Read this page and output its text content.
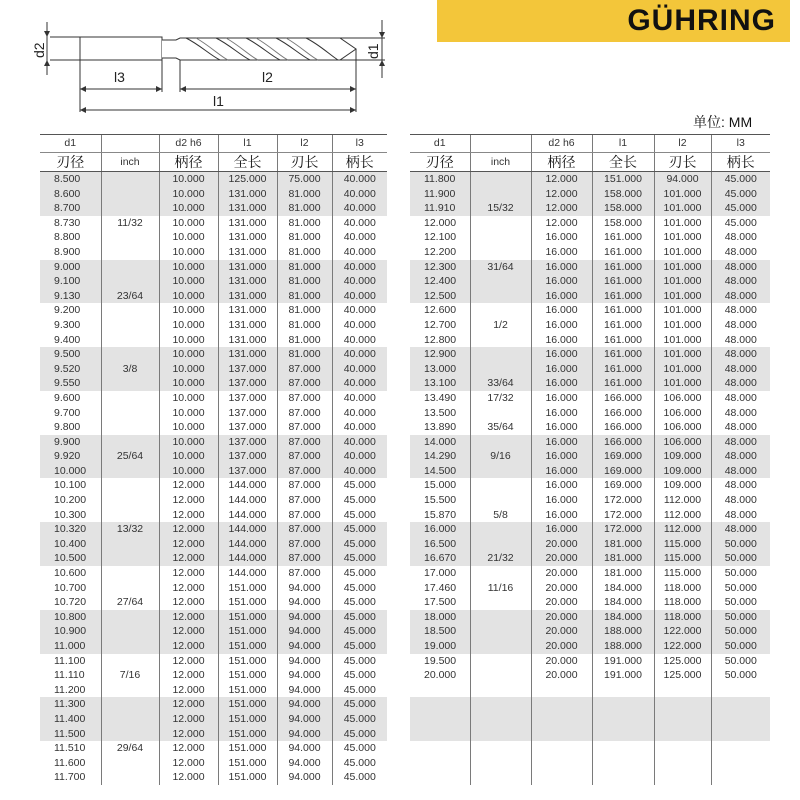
GÜHRING
d2	d1
l3	l2
l1
单位: MM
d1		d2 h6	l1	l2	l3
刃径	inch	柄径	全长	刃长	柄长
8.500		10.000	125.000	75.000	40.000
8.600		10.000	131.000	81.000	40.000
8.700		10.000	131.000	81.000	40.000
8.730	11/32	10.000	131.000	81.000	40.000
8.800		10.000	131.000	81.000	40.000
8.900		10.000	131.000	81.000	40.000
9.000		10.000	131.000	81.000	40.000
9.100		10.000	131.000	81.000	40.000
9.130	23/64	10.000	131.000	81.000	40.000
9.200		10.000	131.000	81.000	40.000
9.300		10.000	131.000	81.000	40.000
9.400		10.000	131.000	81.000	40.000
9.500		10.000	131.000	81.000	40.000
9.520	3/8	10.000	137.000	87.000	40.000
9.550		10.000	137.000	87.000	40.000
9.600		10.000	137.000	87.000	40.000
9.700		10.000	137.000	87.000	40.000
9.800		10.000	137.000	87.000	40.000
9.900		10.000	137.000	87.000	40.000
9.920	25/64	10.000	137.000	87.000	40.000
10.000		10.000	137.000	87.000	40.000
10.100		12.000	144.000	87.000	45.000
10.200		12.000	144.000	87.000	45.000
10.300		12.000	144.000	87.000	45.000
10.320	13/32	12.000	144.000	87.000	45.000
10.400		12.000	144.000	87.000	45.000
10.500		12.000	144.000	87.000	45.000
10.600		12.000	144.000	87.000	45.000
10.700		12.000	151.000	94.000	45.000
10.720	27/64	12.000	151.000	94.000	45.000
10.800		12.000	151.000	94.000	45.000
10.900		12.000	151.000	94.000	45.000
11.000		12.000	151.000	94.000	45.000
11.100		12.000	151.000	94.000	45.000
11.110	7/16	12.000	151.000	94.000	45.000
11.200		12.000	151.000	94.000	45.000
11.300		12.000	151.000	94.000	45.000
11.400		12.000	151.000	94.000	45.000
11.500		12.000	151.000	94.000	45.000
11.510	29/64	12.000	151.000	94.000	45.000
11.600		12.000	151.000	94.000	45.000
11.700		12.000	151.000	94.000	45.000
d1		d2 h6	l1	l2	l3
刃径	inch	柄径	全长	刃长	柄长
11.800		12.000	151.000	94.000	45.000
11.900		12.000	158.000	101.000	45.000
11.910	15/32	12.000	158.000	101.000	45.000
12.000		12.000	158.000	101.000	45.000
12.100		16.000	161.000	101.000	48.000
12.200		16.000	161.000	101.000	48.000
12.300	31/64	16.000	161.000	101.000	48.000
12.400		16.000	161.000	101.000	48.000
12.500		16.000	161.000	101.000	48.000
12.600		16.000	161.000	101.000	48.000
12.700	1/2	16.000	161.000	101.000	48.000
12.800		16.000	161.000	101.000	48.000
12.900		16.000	161.000	101.000	48.000
13.000		16.000	161.000	101.000	48.000
13.100	33/64	16.000	161.000	101.000	48.000
13.490	17/32	16.000	166.000	106.000	48.000
13.500		16.000	166.000	106.000	48.000
13.890	35/64	16.000	166.000	106.000	48.000
14.000		16.000	166.000	106.000	48.000
14.290	9/16	16.000	169.000	109.000	48.000
14.500		16.000	169.000	109.000	48.000
15.000		16.000	169.000	109.000	48.000
15.500		16.000	172.000	112.000	48.000
15.870	5/8	16.000	172.000	112.000	48.000
16.000		16.000	172.000	112.000	48.000
16.500		20.000	181.000	115.000	50.000
16.670	21/32	20.000	181.000	115.000	50.000
17.000		20.000	181.000	115.000	50.000
17.460	11/16	20.000	184.000	118.000	50.000
17.500		20.000	184.000	118.000	50.000
18.000		20.000	184.000	118.000	50.000
18.500		20.000	188.000	122.000	50.000
19.000		20.000	188.000	122.000	50.000
19.500		20.000	191.000	125.000	50.000
20.000		20.000	191.000	125.000	50.000
